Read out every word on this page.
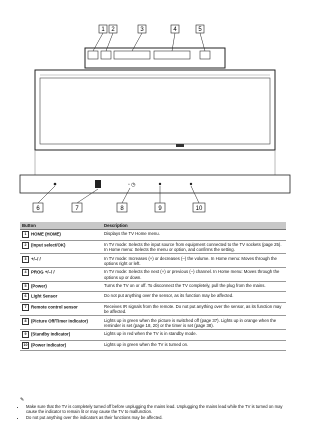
1 2	3	4	5
▫ ◷
6	7	8	9	10
Button	Description
1 HOME (HOME)	Displays the TV Home menu.
2 (Input select/OK)	In TV mode: Selects the input source from equipment connected to the TV sockets (page 25). In Home menu: Selects the menu or option, and confirms the setting.
3 +/–/ /	In TV mode: Increases (+) or decreases (–) the volume. In Home menu: Moves through the options right or left.
4 PROG +/–/ /	In TV mode: Selects the next (+) or previous (–) channel. In Home menu: Moves through the options up or down.
5 (Power)	Turns the TV on or off. To disconnect the TV completely, pull the plug from the mains.
6 Light Sensor	Do not put anything over the sensor, as its function may be affected.
7 Remote control sensor	Receives IR signals from the remote. Do not put anything over the sensor, as its function may be affected.
8 (Picture Off/Timer indicator)	Lights up in green when the picture is switched off (page 37). Lights up in orange when the reminder is set (page 18, 20) or the timer is set (page 38).
9 (Standby indicator)	Lights up in red when the TV is in standby mode.
10 (Power indicator)	Lights up in green when the TV is turned on.
✎
• Make sure that the TV is completely turned off before unplugging the mains lead. Unplugging the mains lead while the TV is turned on may cause the indicator to remain lit or may cause the TV to malfunction.
• Do not put anything over the indicators as their functions may be affected.
